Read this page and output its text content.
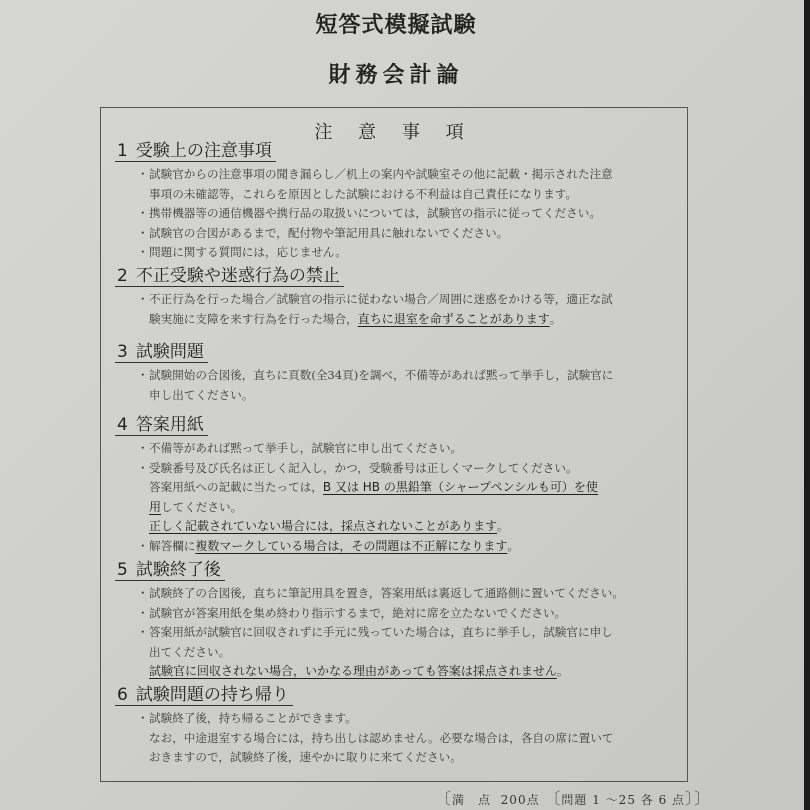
短答式模擬試験
財務会計論
注 意 事 項
1 受験上の注意事項
・ 試験官からの注意事項の聞き漏らし／机上の案内や試験室その他に記載・掲示された注意
事項の未確認等，これらを原因とした試験における不利益は自己責任になります。
・ 携帯機器等の通信機器や携行品の取扱いについては，試験官の指示に従ってください。
・ 試験官の合図があるまで，配付物や筆記用具に触れないでください。
・ 問題に関する質問には，応じません。
2 不正受験や迷惑行為の禁止
・ 不正行為を行った場合／試験官の指示に従わない場合／周囲に迷惑をかける等，適正な試
験実施に支障を来す行為を行った場合，直ちに退室を命ずることがあります。
3 試験問題
・ 試験開始の合図後，直ちに頁数(全34頁)を調べ，不備等があれば黙って挙手し，試験官に
申し出てください。
4 答案用紙
・ 不備等があれば黙って挙手し，試験官に申し出てください。
・ 受験番号及び氏名は正しく記入し，かつ，受験番号は正しくマークしてください。
答案用紙への記載に当たっては，B 又は HB の黒鉛筆（シャープペンシルも可）を使
用してください。
正しく記載されていない場合には，採点されないことがあります。
・ 解答欄に複数マークしている場合は，その問題は不正解になります。
5 試験終了後
・ 試験終了の合図後，直ちに筆記用具を置き，答案用紙は裏返して通路側に置いてください。
・ 試験官が答案用紙を集め終わり指示するまで，絶対に席を立たないでください。
・ 答案用紙が試験官に回収されずに手元に残っていた場合は，直ちに挙手し，試験官に申し
出てください。
試験官に回収されない場合，いかなる理由があっても答案は採点されません。
6 試験問題の持ち帰り
・ 試験終了後，持ち帰ることができます。
なお，中途退室する場合には，持ち出しは認めません。必要な場合は，各自の席に置いて
おきますので，試験終了後，速やかに取りに来てください。
〔満　点 200点 〔問題 1 ～25 各 6 点〕〕
